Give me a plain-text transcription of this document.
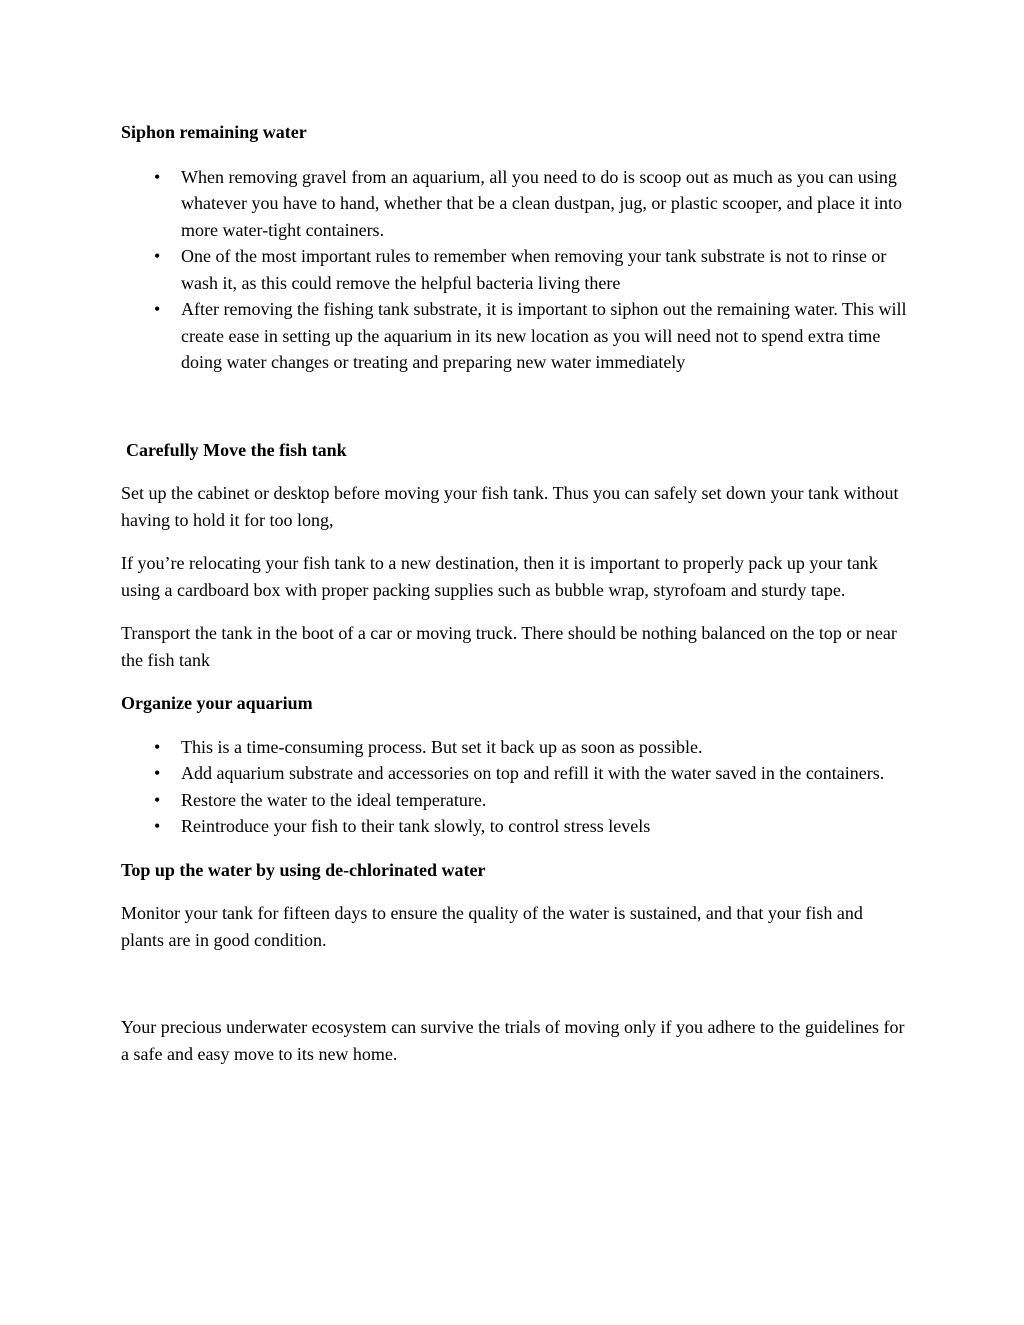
Siphon remaining water
• When removing gravel from an aquarium, all you need to do is scoop out as much as you can using whatever you have to hand, whether that be a clean dustpan, jug, or plastic scooper, and place it into more water-tight containers.
• One of the most important rules to remember when removing your tank substrate is not to rinse or wash it, as this could remove the helpful bacteria living there
• After removing the fishing tank substrate, it is important to siphon out the remaining water. This will create ease in setting up the aquarium in its new location as you will need not to spend extra time doing water changes or treating and preparing new water immediately
Carefully Move the fish tank

Set up the cabinet or desktop before moving your fish tank. Thus you can safely set down your tank without having to hold it for too long,

If you’re relocating your fish tank to a new destination, then it is important to properly pack up your tank using a cardboard box with proper packing supplies such as bubble wrap, styrofoam and sturdy tape.

Transport the tank in the boot of a car or moving truck. There should be nothing balanced on the top or near the fish tank

Organize your aquarium
• This is a time-consuming process. But set it back up as soon as possible.
• Add aquarium substrate and accessories on top and refill it with the water saved in the containers.
• Restore the water to the ideal temperature.
• Reintroduce your fish to their tank slowly, to control stress levels
Top up the water by using de-chlorinated water

Monitor your tank for fifteen days to ensure the quality of the water is sustained, and that your fish and plants are in good condition.

Your precious underwater ecosystem can survive the trials of moving only if you adhere to the guidelines for a safe and easy move to its new home.
